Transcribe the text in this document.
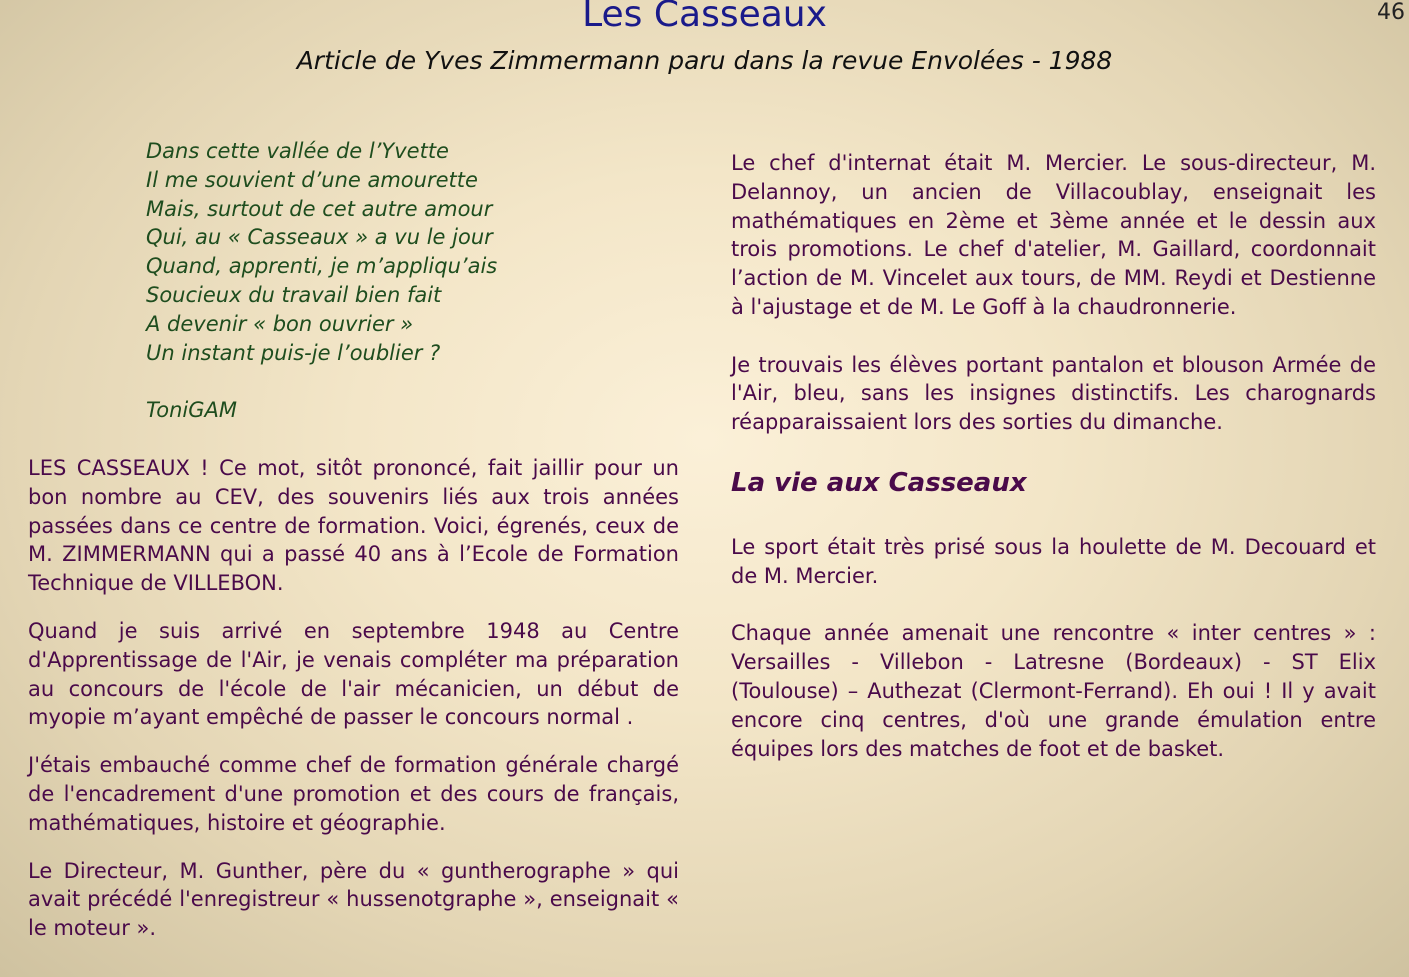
46
Les Casseaux
Article de Yves Zimmermann paru dans la revue Envolées - 1988
Dans cette vallée de l’Yvette
Il me souvient d’une amourette
Mais, surtout de cet autre amour
Qui, au « Casseaux » a vu le jour
Quand, apprenti, je m’appliqu’ais
Soucieux du travail bien fait
A devenir « bon ouvrier »
Un instant puis-je l’oublier ?
ToniGAM

LES CASSEAUX ! Ce mot, sitôt prononcé, fait jaillir pour un bon nombre au CEV, des souvenirs liés aux trois années passées dans ce centre de formation. Voici, égrenés, ceux de M. ZIMMERMANN qui a passé 40 ans à l’Ecole de Formation Technique de VILLEBON.

Quand je suis arrivé en septembre 1948 au Centre d'Apprentissage de l'Air, je venais compléter ma préparation au concours de l'école de l'air mécanicien, un début de myopie m’ayant empêché de passer le concours normal .

J'étais embauché comme chef de formation générale chargé de l'encadrement d'une promotion et des cours de français, mathématiques, histoire et géographie.

Le Directeur, M. Gunther, père du « guntherographe » qui avait précédé l'enregistreur « hussenotgraphe », enseignait « le moteur ».

Le chef d'internat était M. Mercier. Le sous-directeur, M. Delannoy, un ancien de Villacoublay, enseignait les mathématiques en 2ème et 3ème année et le dessin aux trois promotions. Le chef d'atelier, M. Gaillard, coordonnait l’action de M. Vincelet aux tours, de MM. Reydi et Destienne à l'ajustage et de M. Le Goff à la chaudronnerie.

Je trouvais les élèves portant pantalon et blouson Armée de l'Air, bleu, sans les insignes distinctifs. Les charognards réapparaissaient lors des sorties du dimanche.

La vie aux Casseaux

Le sport était très prisé sous la houlette de M. Decouard et de M. Mercier.

Chaque année amenait une rencontre « inter centres » : Versailles - Villebon - Latresne (Bordeaux) - ST Elix (Toulouse) – Authezat (Clermont-Ferrand). Eh oui ! Il y avait encore cinq centres, d'où une grande émulation entre équipes lors des matches de foot et de basket.
